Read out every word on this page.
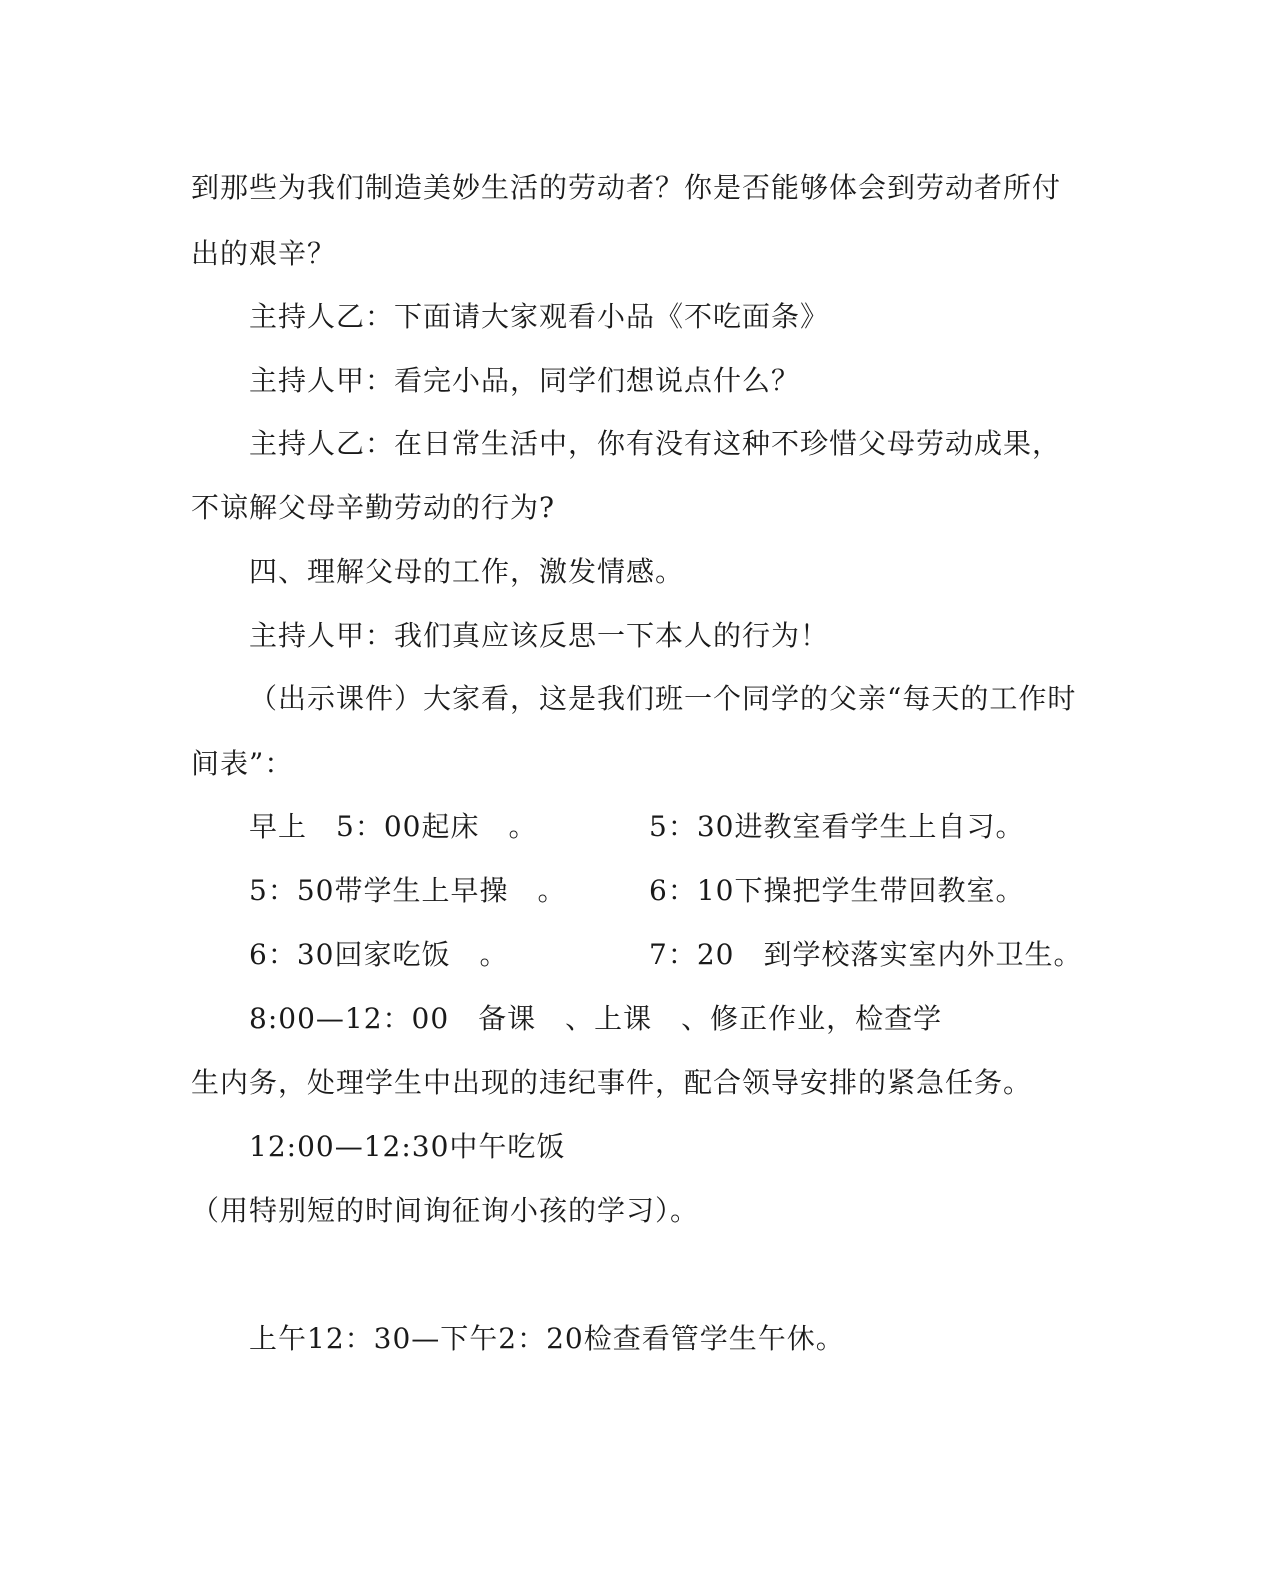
到那些为我们制造美妙生活的劳动者？你是否能够体会到劳动者所付
出的艰辛？
主持人乙：下面请大家观看小品《不吃面条》
主持人甲：看完小品，同学们想说点什么？
主持人乙：在日常生活中，你有没有这种不珍惜父母劳动成果，
不谅解父母辛勤劳动的行为?
四、理解父母的工作，激发情感。
主持人甲：我们真应该反思一下本人的行为！
（出示课件）大家看，这是我们班一个同学的父亲“每天的工作时
间表”：
早上　5：00起床　。	5：30进教室看学生上自习。
5：50带学生上早操　。	6：10下操把学生带回教室。
6：30回家吃饭　。	7：20　到学校落实室内外卫生。
8:00—12：00　备课　、上课　、修正作业，检查学
生内务，处理学生中出现的违纪事件，配合领导安排的紧急任务。
12:00—12:30中午吃饭
（用特别短的时间询征询小孩的学习）。
上午12：30—下午2：20检查看管学生午休。
